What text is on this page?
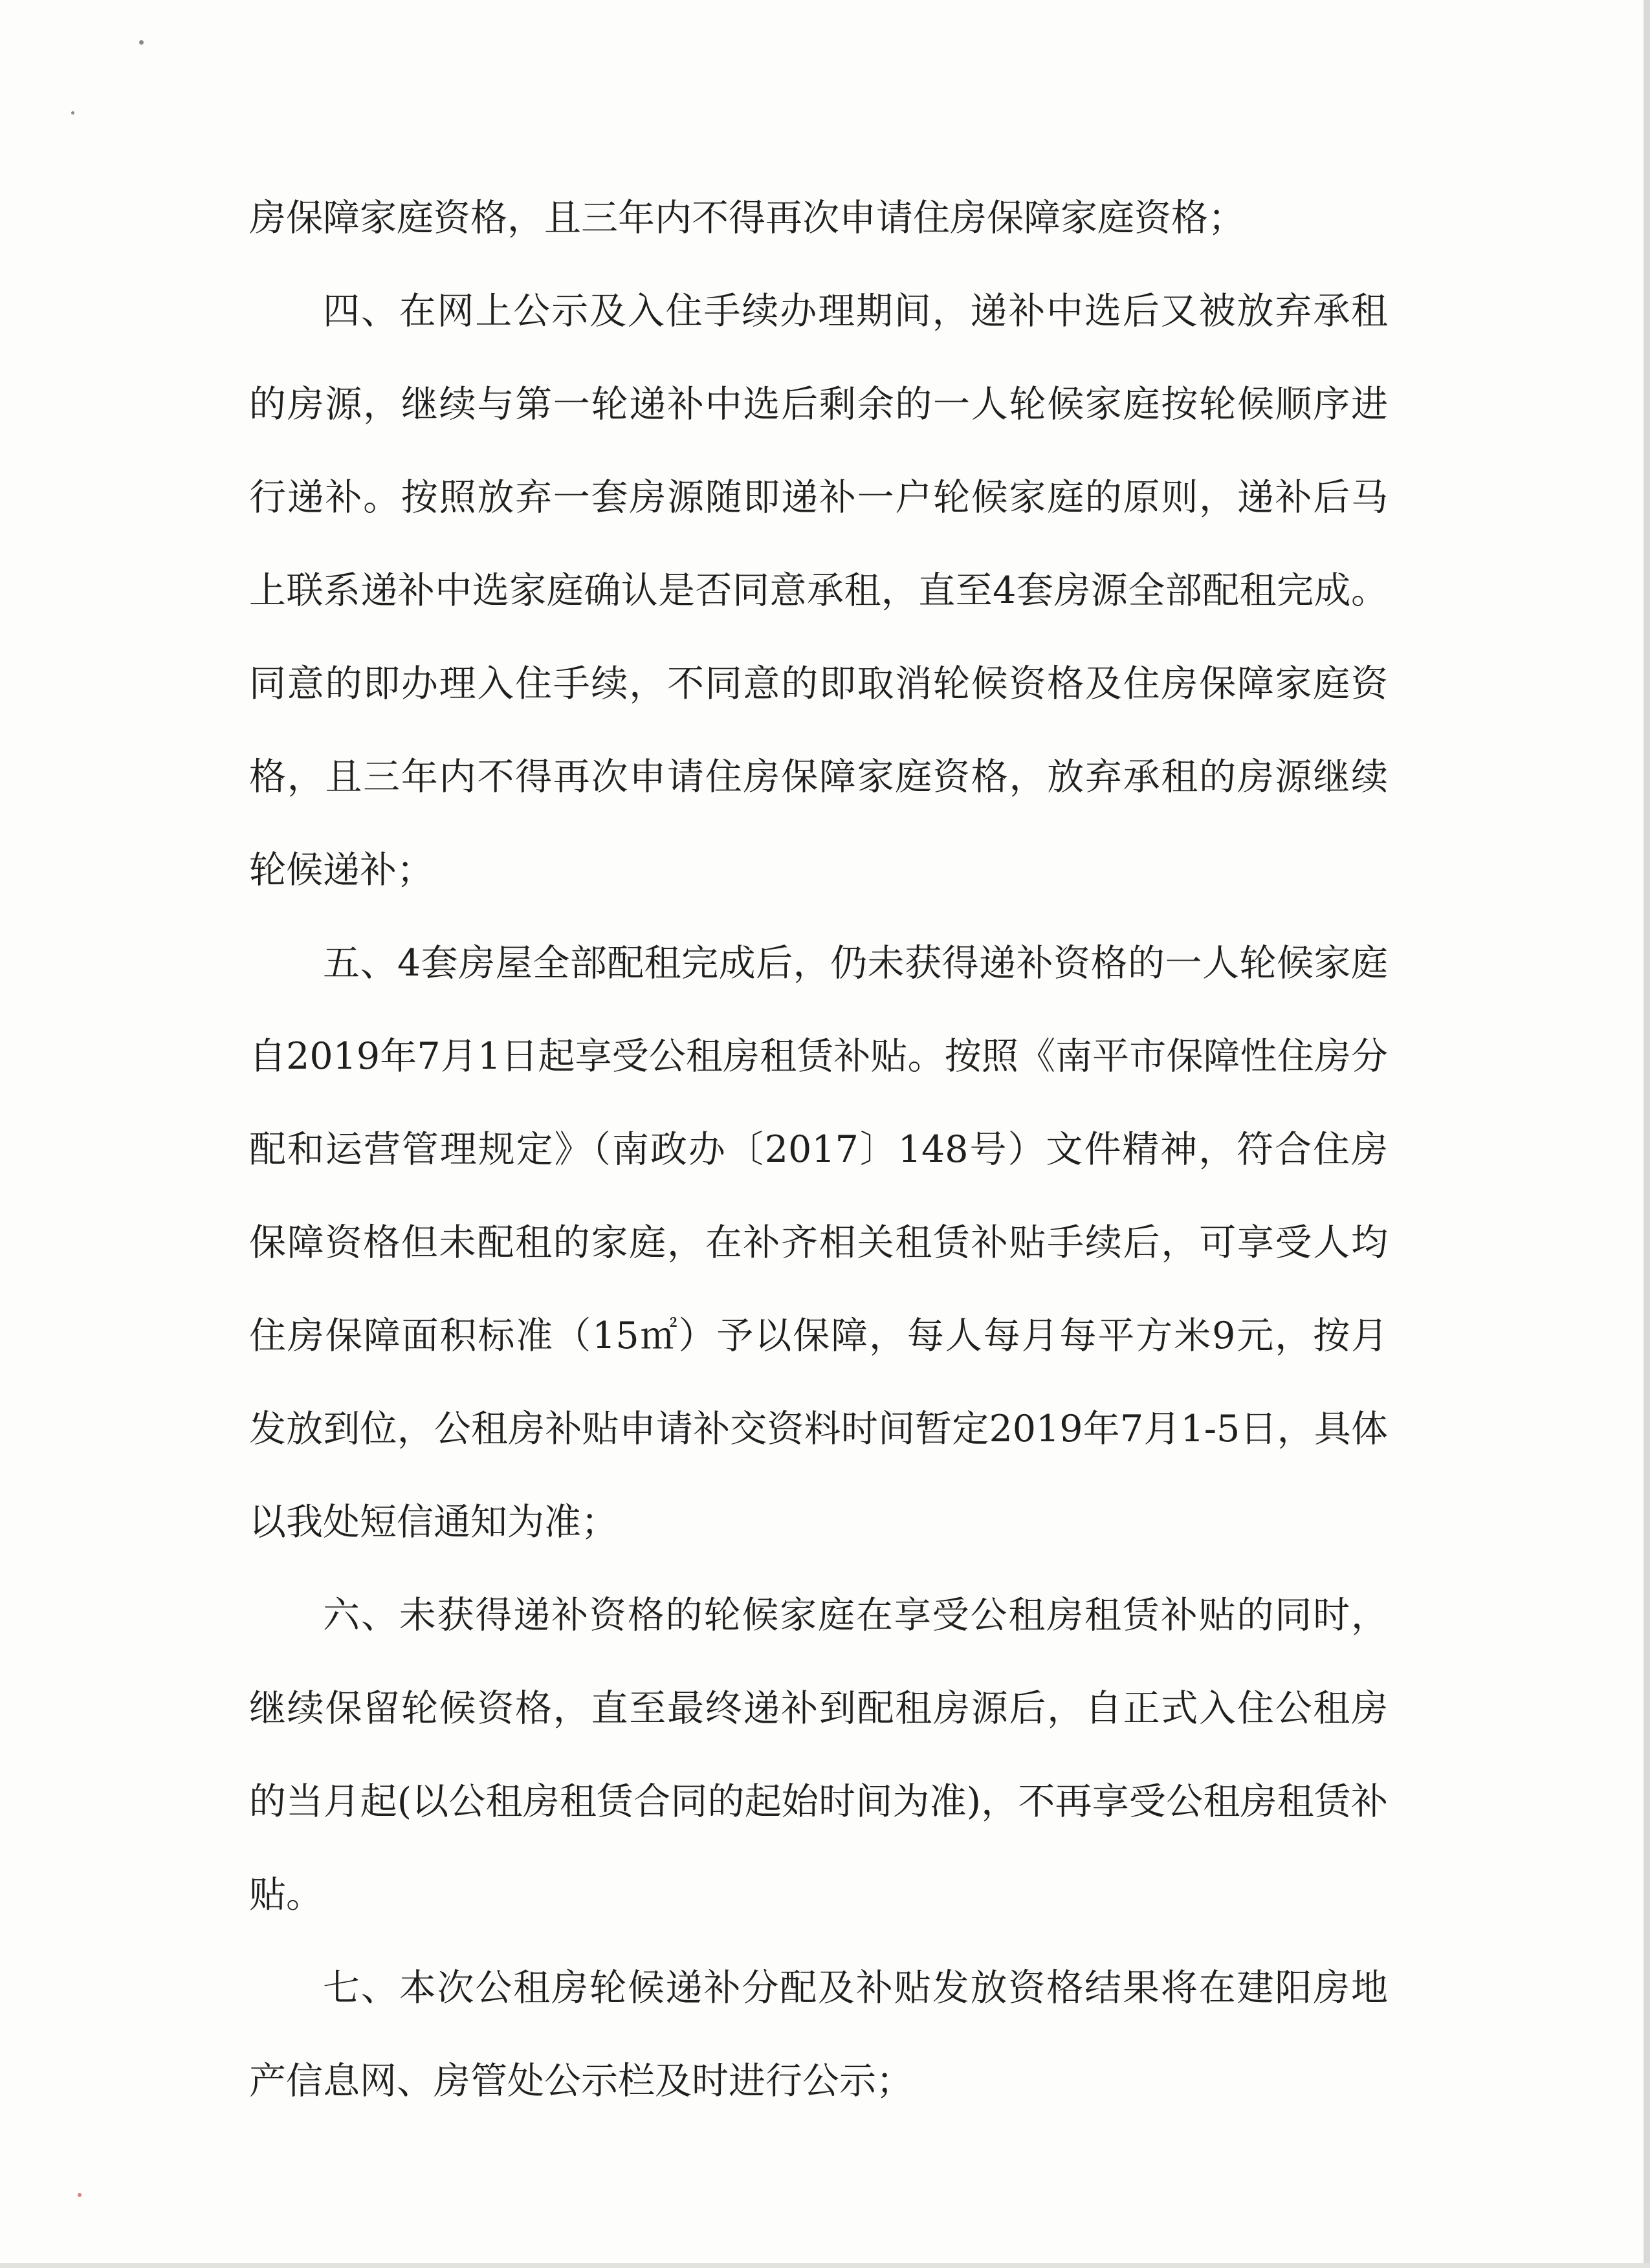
房保障家庭资格，且三年内不得再次申请住房保障家庭资格；

四、在网上公示及入住手续办理期间，递补中选后又被放弃承租的房源，继续与第一轮递补中选后剩余的一人轮候家庭按轮候顺序进行递补。按照放弃一套房源随即递补一户轮候家庭的原则，递补后马上联系递补中选家庭确认是否同意承租，直至4套房源全部配租完成。同意的即办理入住手续，不同意的即取消轮候资格及住房保障家庭资格，且三年内不得再次申请住房保障家庭资格，放弃承租的房源继续轮候递补；

五、4套房屋全部配租完成后，仍未获得递补资格的一人轮候家庭自2019年7月1日起享受公租房租赁补贴。按照《南平市保障性住房分配和运营管理规定》（南政办〔2017〕148号）文件精神，符合住房保障资格但未配租的家庭，在补齐相关租赁补贴手续后，可享受人均住房保障面积标准（15㎡）予以保障，每人每月每平方米9元，按月发放到位，公租房补贴申请补交资料时间暂定2019年7月1-5日，具体以我处短信通知为准；

六、未获得递补资格的轮候家庭在享受公租房租赁补贴的同时，继续保留轮候资格，直至最终递补到配租房源后，自正式入住公租房的当月起(以公租房租赁合同的起始时间为准)，不再享受公租房租赁补贴。

七、本次公租房轮候递补分配及补贴发放资格结果将在建阳房地产信息网、房管处公示栏及时进行公示；
